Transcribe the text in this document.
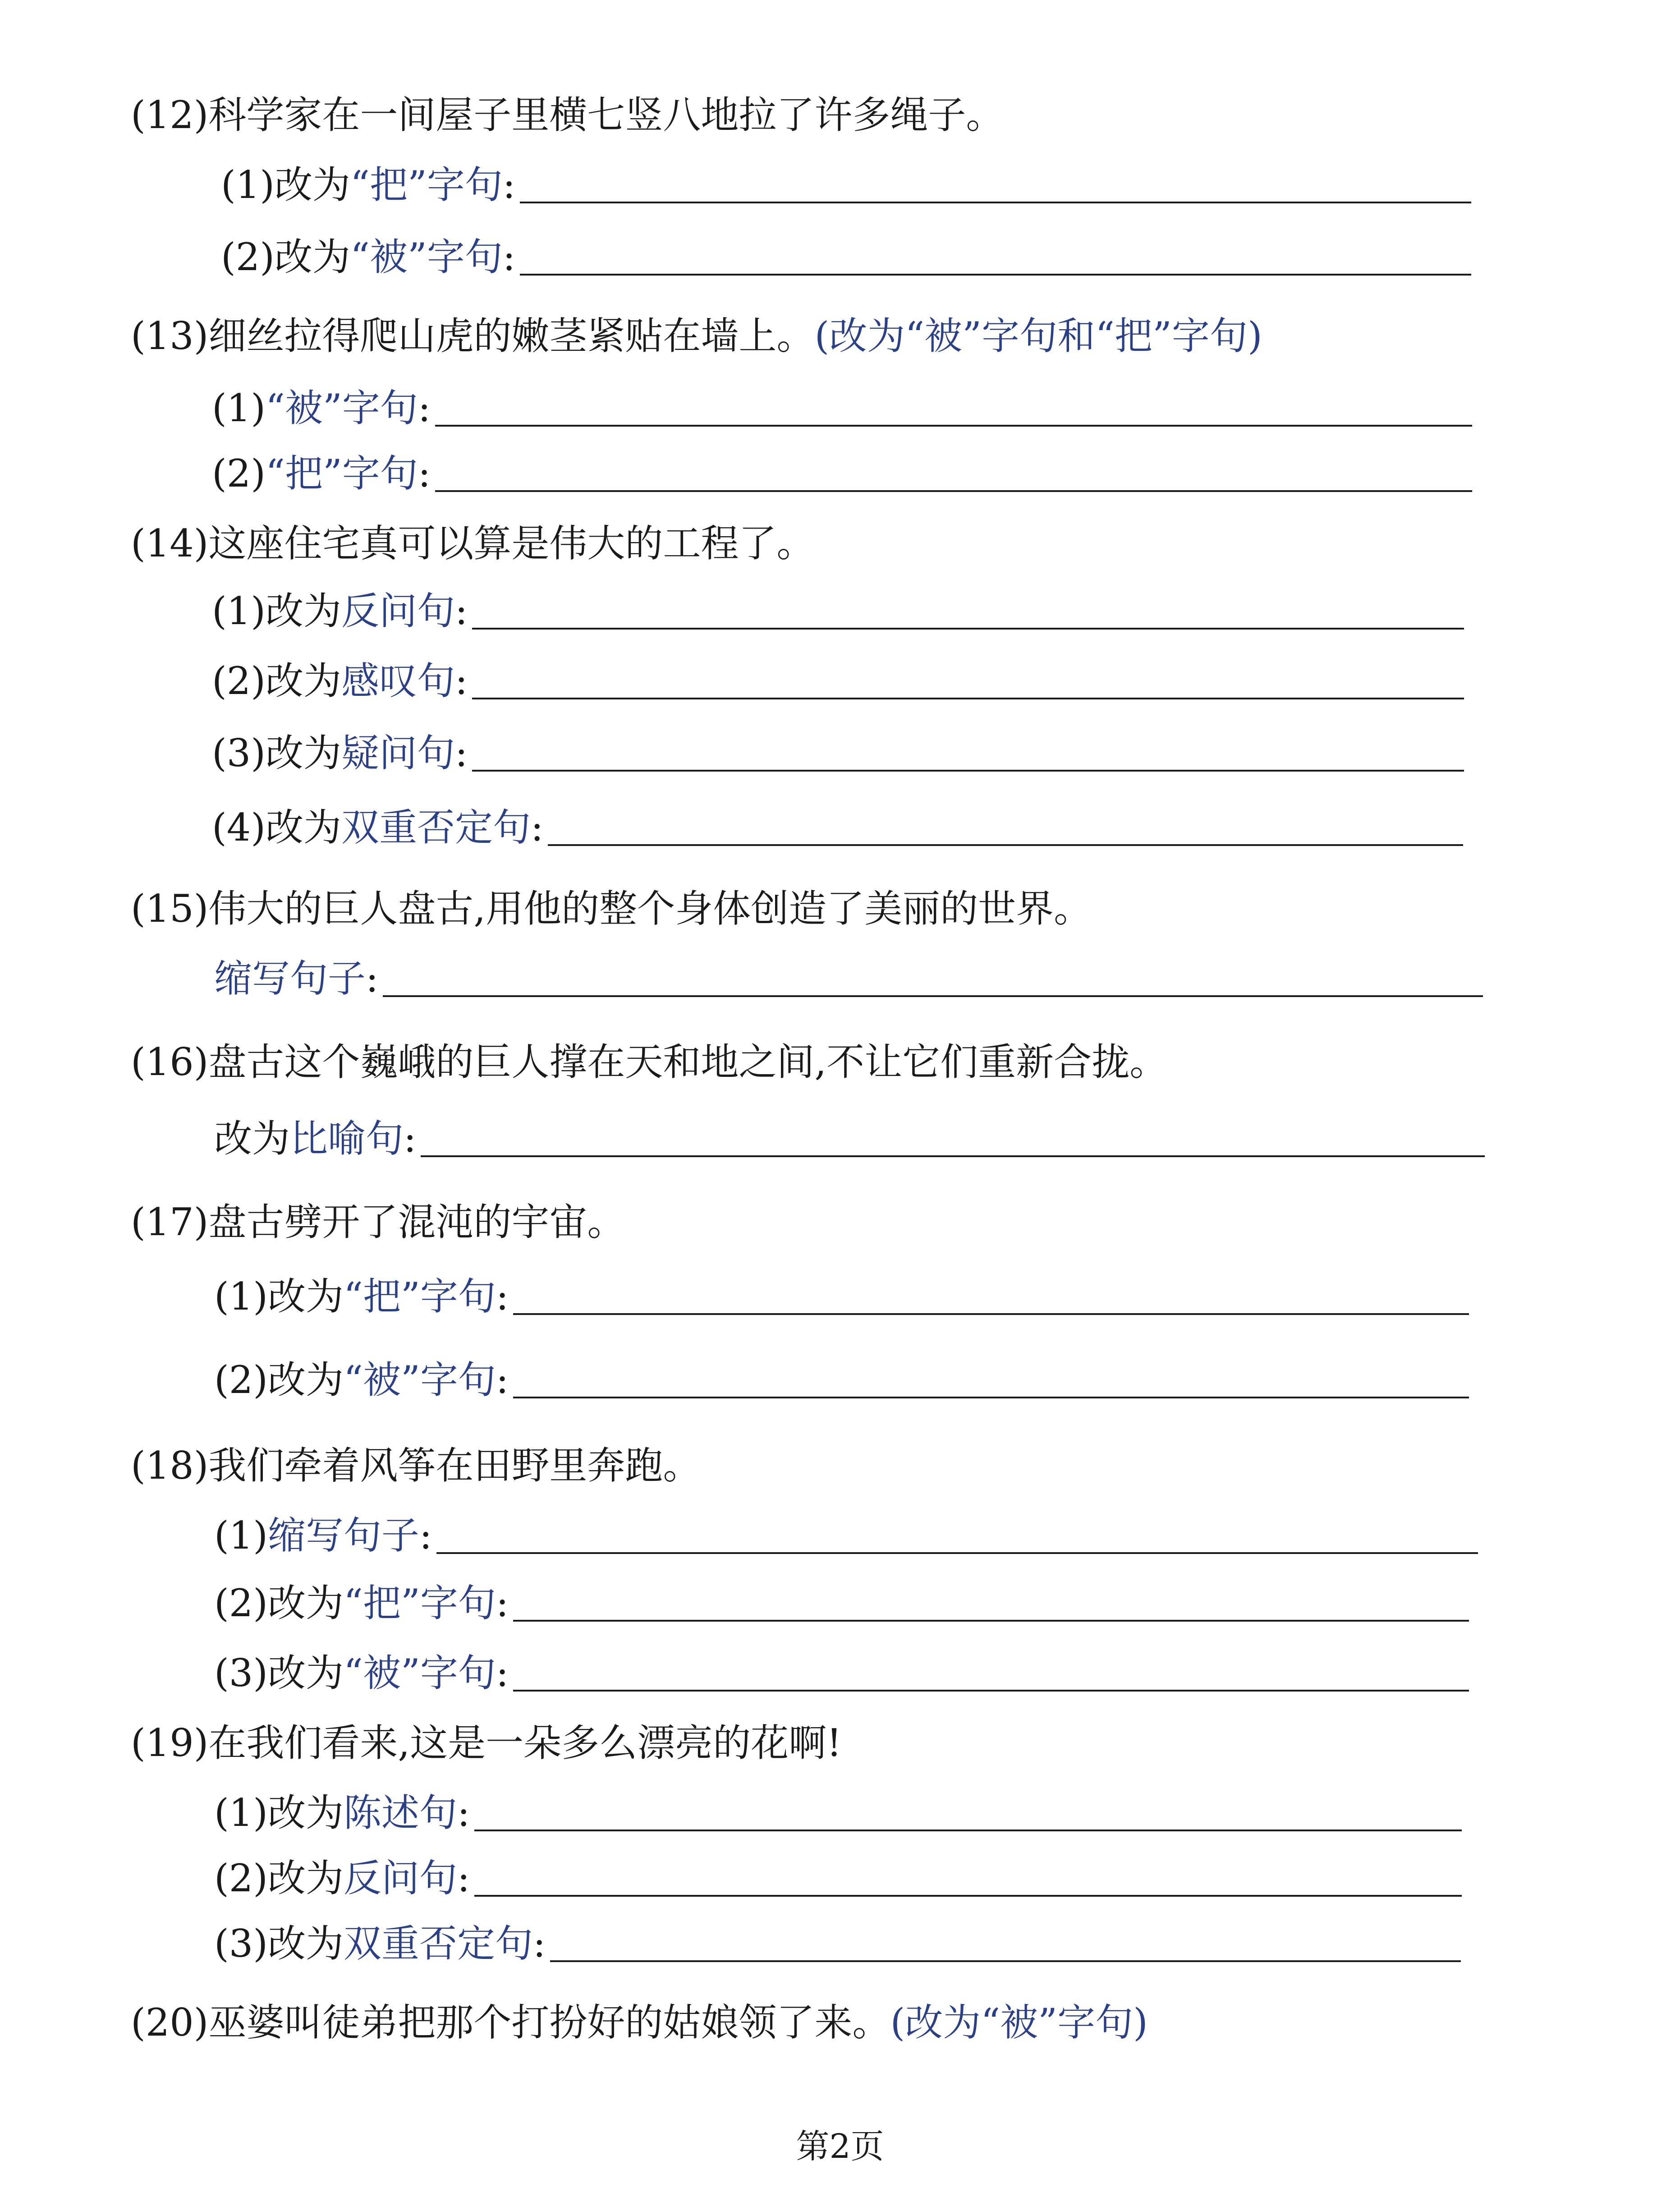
(12)科学家在一间屋子里横七竖八地拉了许多绳子。
(1)改为 “把”字句 :
(2)改为 “被”字句 :
(13)细丝拉得爬山虎的嫩茎紧贴在墙上。 (改为“被”字句和“把”字句)
(1) “被”字句 :
(2) “把”字句 :
(14)这座住宅真可以算是伟大的工程了。
(1)改为 反问句 :
(2)改为 感叹句 :
(3)改为 疑问句 :
(4)改为 双重否定句 :
(15)伟大的巨人盘古,用他的整个身体创造了美丽的世界。
缩写句子 :
(16)盘古这个巍峨的巨人撑在天和地之间,不让它们重新合拢。
改为 比喻句 :
(17)盘古劈开了混沌的宇宙。
(1)改为 “把”字句 :
(2)改为 “被”字句 :
(18)我们牵着风筝在田野里奔跑。
(1) 缩写句子 :
(2)改为 “把”字句 :
(3)改为 “被”字句 :
(19)在我们看来,这是一朵多么漂亮的花啊!
(1)改为 陈述句 :
(2)改为 反问句 :
(3)改为 双重否定句 :
(20)巫婆叫徒弟把那个打扮好的姑娘领了来。 (改为“被”字句)
第2页
